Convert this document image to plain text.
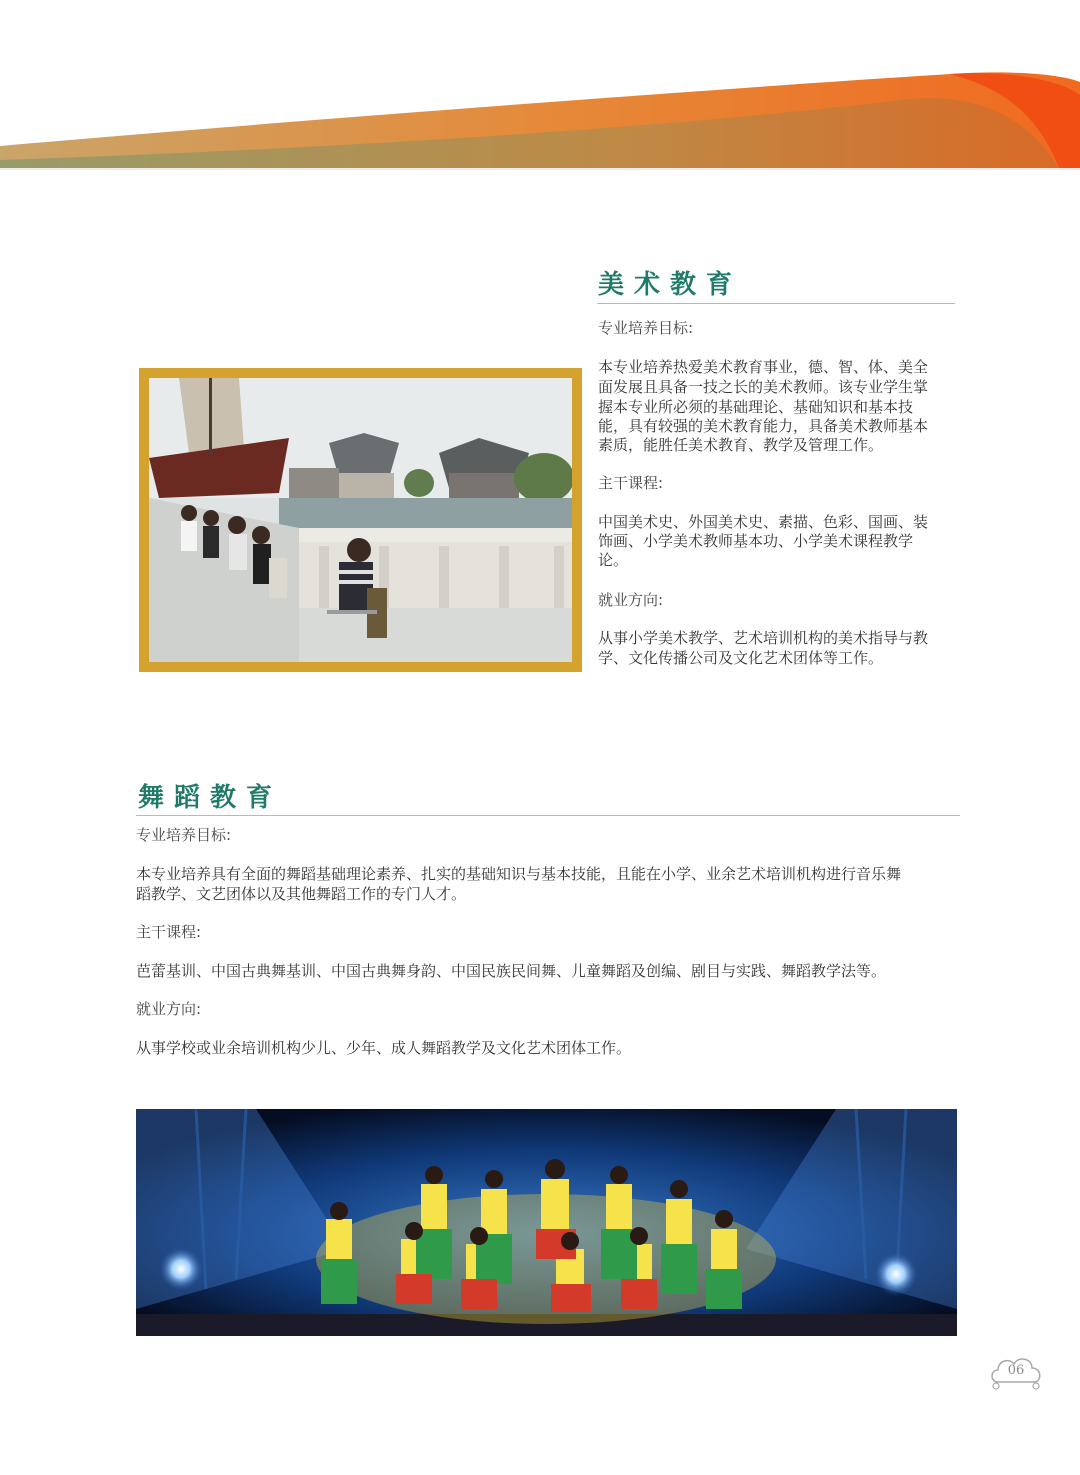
美术教育

专业培养目标:

本专业培养热爱美术教育事业，德、智、体、美全

面发展且具备一技之长的美术教师。该专业学生掌

握本专业所必须的基础理论、基础知识和基本技

能，具有较强的美术教育能力，具备美术教师基本

素质，能胜任美术教育、教学及管理工作。

主干课程:

中国美术史、外国美术史、素描、色彩、国画、装

饰画、小学美术教师基本功、小学美术课程教学

论。

就业方向:

从事小学美术教学、艺术培训机构的美术指导与教

学、文化传播公司及文化艺术团体等工作。

舞蹈教育

专业培养目标:

本专业培养具有全面的舞蹈基础理论素养、扎实的基础知识与基本技能，且能在小学、业余艺术培训机构进行音乐舞

蹈教学、文艺团体以及其他舞蹈工作的专门人才。

主干课程:

芭蕾基训、中国古典舞基训、中国古典舞身韵、中国民族民间舞、儿童舞蹈及创编、剧目与实践、舞蹈教学法等。

就业方向:

从事学校或业余培训机构少儿、少年、成人舞蹈教学及文化艺术团体工作。

06
